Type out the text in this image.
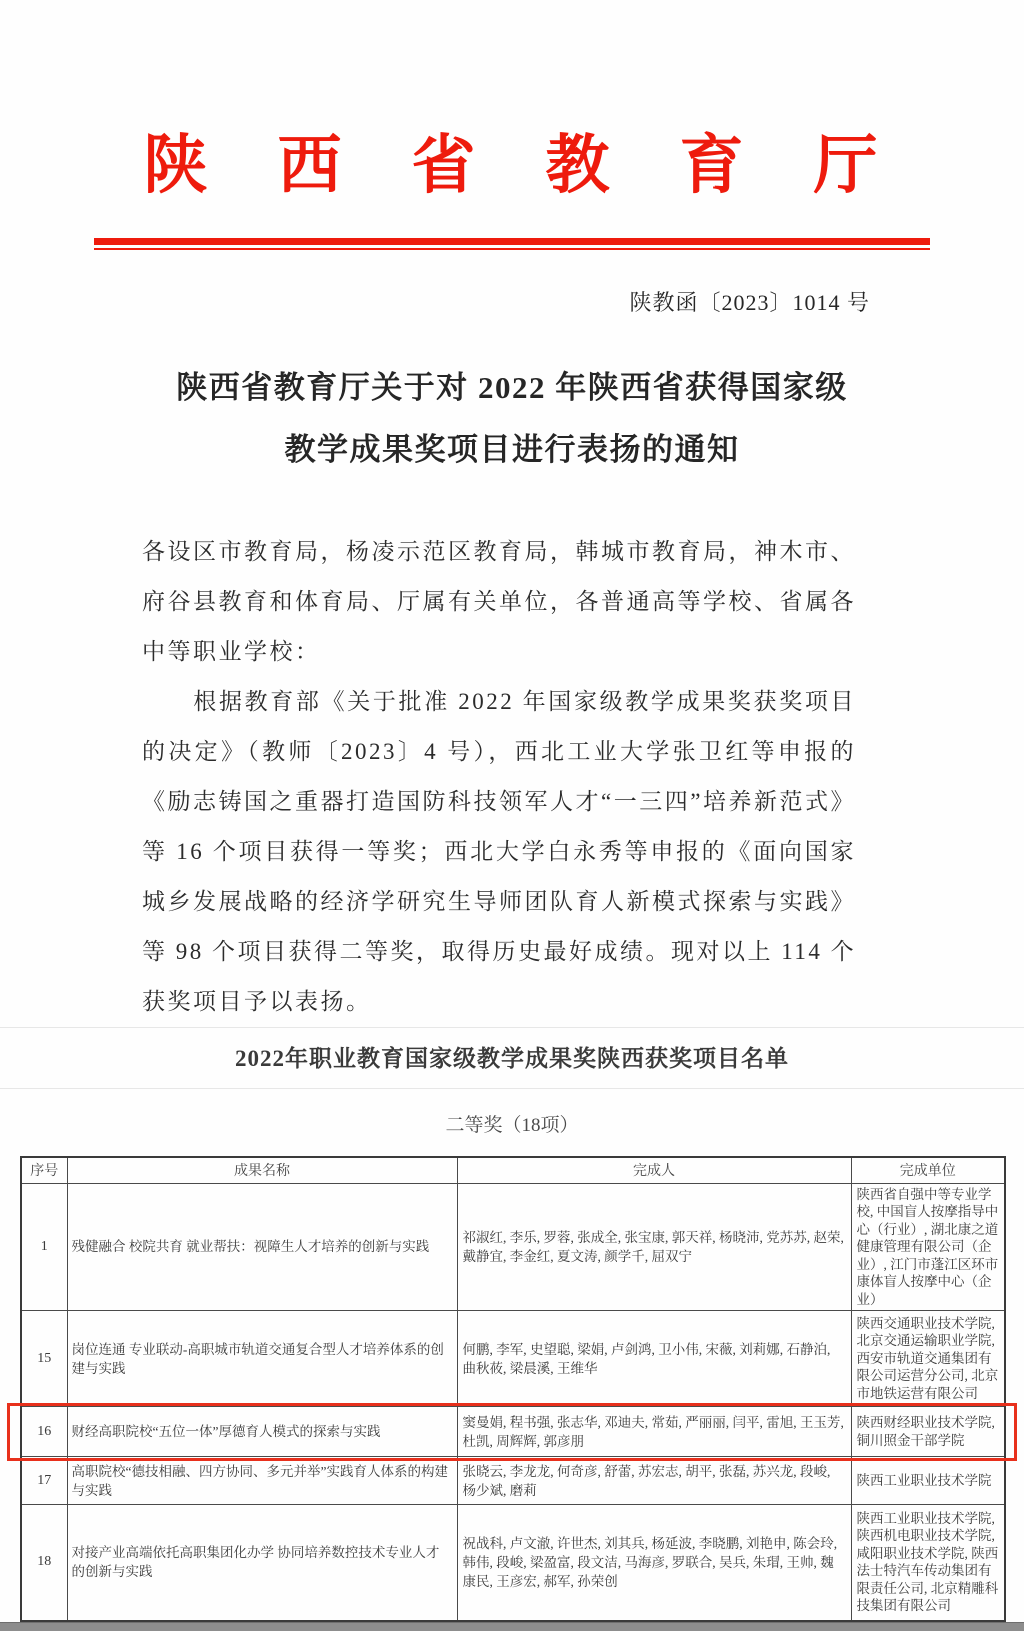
陕　西　省　教　育　厅
陕教函〔2023〕1014 号
陕西省教育厅关于对 2022 年陕西省获得国家级
教学成果奖项目进行表扬的通知
各设区市教育局，杨凌示范区教育局，韩城市教育局，神木市、
府谷县教育和体育局、厅属有关单位，各普通高等学校、省属各
中等职业学校：
　　根据教育部《关于批准 2022 年国家级教学成果奖获奖项目
的决定》（教师〔2023〕4 号），西北工业大学张卫红等申报的
《励志铸国之重器打造国防科技领军人才“一三四”培养新范式》
等 16 个项目获得一等奖；西北大学白永秀等申报的《面向国家
城乡发展战略的经济学研究生导师团队育人新模式探索与实践》
等 98 个项目获得二等奖，取得历史最好成绩。现对以上 114 个
获奖项目予以表扬。
2022年职业教育国家级教学成果奖陕西获奖项目名单
二等奖（18项）
序号	成果名称	完成人	完成单位
1	残健融合 校院共育 就业帮扶：视障生人才培养的创新与实践	祁淑红, 李乐, 罗蓉, 张成全, 张宝康, 郭天祥, 杨晓沛, 党苏苏, 赵荣, 戴静宜, 李金红, 夏文涛, 颜学千, 屈双宁	陕西省自强中等专业学校, 中国盲人按摩指导中心（行业）, 湖北康之道健康管理有限公司（企业）, 江门市蓬江区环市康体盲人按摩中心（企业）
15	岗位连通 专业联动-高职城市轨道交通复合型人才培养体系的创建与实践	何鹏, 李军, 史望聪, 梁娟, 卢剑鸿, 卫小伟, 宋薇, 刘莉娜, 石静泊, 曲秋莜, 梁晨溪, 王维华	陕西交通职业技术学院, 北京交通运输职业学院, 西安市轨道交通集团有限公司运营分公司, 北京市地铁运营有限公司
16	财经高职院校“五位一体”厚德育人模式的探索与实践	窦曼娟, 程书强, 张志华, 邓迪夫, 常茹, 严丽丽, 闫平, 雷旭, 王玉芳, 杜凯, 周辉辉, 郭彦朋	陕西财经职业技术学院, 铜川照金干部学院
17	高职院校“德技相融、四方协同、多元并举”实践育人体系的构建与实践	张晓云, 李龙龙, 何奇彦, 舒蕾, 苏宏志, 胡平, 张磊, 苏兴龙, 段峻, 杨少斌, 磨莉	陕西工业职业技术学院
18	对接产业高端依托高职集团化办学 协同培养数控技术专业人才的创新与实践	祝战科, 卢文澈, 许世杰, 刘其兵, 杨延波, 李晓鹏, 刘艳申, 陈会玲, 韩伟, 段峻, 梁盈富, 段文洁, 马海彦, 罗联合, 吴兵, 朱瑁, 王帅, 魏康民, 王彦宏, 郝军, 孙荣创	陕西工业职业技术学院, 陕西机电职业技术学院, 咸阳职业技术学院, 陕西法士特汽车传动集团有限责任公司, 北京精雕科技集团有限公司
